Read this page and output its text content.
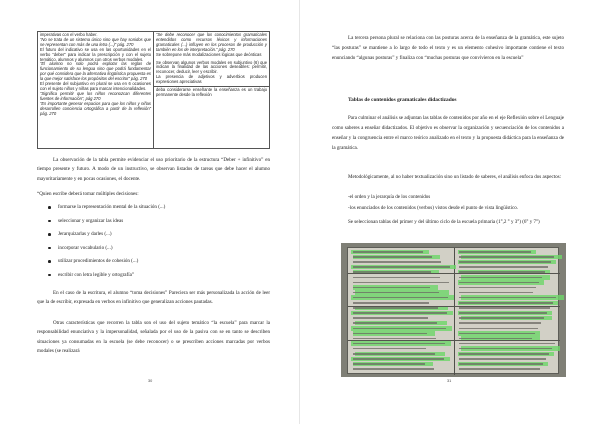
imperativas con el verbo haber.

“No se trata de un sistema único sino que hay sonidos que se representan con más de una letra (...)” pág. 270

El futuro del indicativo se usa en las oportunidades en el verbo “deber” para indicar la prescripción y con el sujeto temático, alumnos y alumnos con otros verbos modales.

“El alumno no solo podrá explotar las reglas de funcionamiento de su lengua sino que podrá fundamentar por qué considera que la alternativa lingüística propuesta es la que mejor satisface los propósitos del escritor” pág. 270

El presente del subjuntivo en plural se usa en 6 ocasiones con el sujeto niños y niñas para marcar intencionalidades.

“Significa permitir que los niños reconozcan diferentes fuentes de información”, pág 270

“Es importante generar espacios para que los niños y niñas desarrollen conciencia ortográfica a partir de la reflexión” pág. 270

“Se debe reconocer que los conocimientos gramaticales entendidos como recursos léxicos y informaciones gramaticales (...) influyen en los procesos de producción y también en los de interpretación.” pág. 270

Se sobrepone más modalizaciones lógicas que deónticas

Se observan algunos verbos modales en subjuntivo (6) que indican la finalidad de las acciones deseables: permitir, reconocer, deducir, leer y escribir.

La presencia de adjetivos y adverbios producen expresiones apreciativas

deba considerarse enseñante la enseñanza es un trabajo permanente desde la reflexión

La observación de la tabla permite evidenciar el uso prioritario de la estructura “Deber + infinitivo” en tiempo presente y futuro. A modo de un instructivo, se observan listados de tareas que debe hacer el alumno mayoritariamente y en pocas ocasiones, el docente.

“Quien escribe deberá tomar múltiples decisiones:

formarse la representación mental de la situación (...)
seleccionar y organizar las ideas
Jerarquizarlas y darles (...)
incorporar vocabulario (...)
utilizar procedimientos de cohesión (...)
escribir con letra legible y ortografía”

En el caso de la escritura, el alumno “toma decisiones” Pareciera ser más personalizada la acción de leer que la de escribir, expresada en verbos en infinitivo que generalizan acciones pautadas.

Otras características que recorren la tabla son el uso del sujeto temático “la escuela” para marcar la responsabilidad enunciativa y la impersonalidad, señalada por el uso de la pasiva con se en tanto se describen situaciones ya consumadas en la escuela (se debe reconocer) o se prescriben acciones marcadas por verbos modales (se realizará

30

La tercera persona plural se relaciona con las posturas acerca de la enseñanza de la gramática, este sujeto “las posturas” se mantiene a lo largo de todo el texto y es un elemento cohesivo importante contiene el texto enunciando “algunas posturas” y finaliza con “muchas posturas que convivieron en la escuela”

Tablas de contenidos gramaticales didactizados

Para culminar el análisis se adjuntan las tablas de contenidos por año en el eje Reflexión sobre el Lenguaje como saberes a enseñar didactizados. El objetivo es observar la organización y secuenciación de los contenidos a enseñar y la congruencia entre el marco teórico analizado en el texto y la propuesta didáctica para la enseñanza de la gramática.

Metodológicamente, al no haber textualización sino un listado de saberes, el análisis enfoca dos aspectos:

-el orden y la jerarquía de los contenidos

-los enunciados de los contenidos (verbos) vistos desde el punto de vista lingüístico.

Se seleccionan tablas del primer y del último ciclo de la escuela primaria (1°,2 ° y 3°) (6° y 7°)

31
